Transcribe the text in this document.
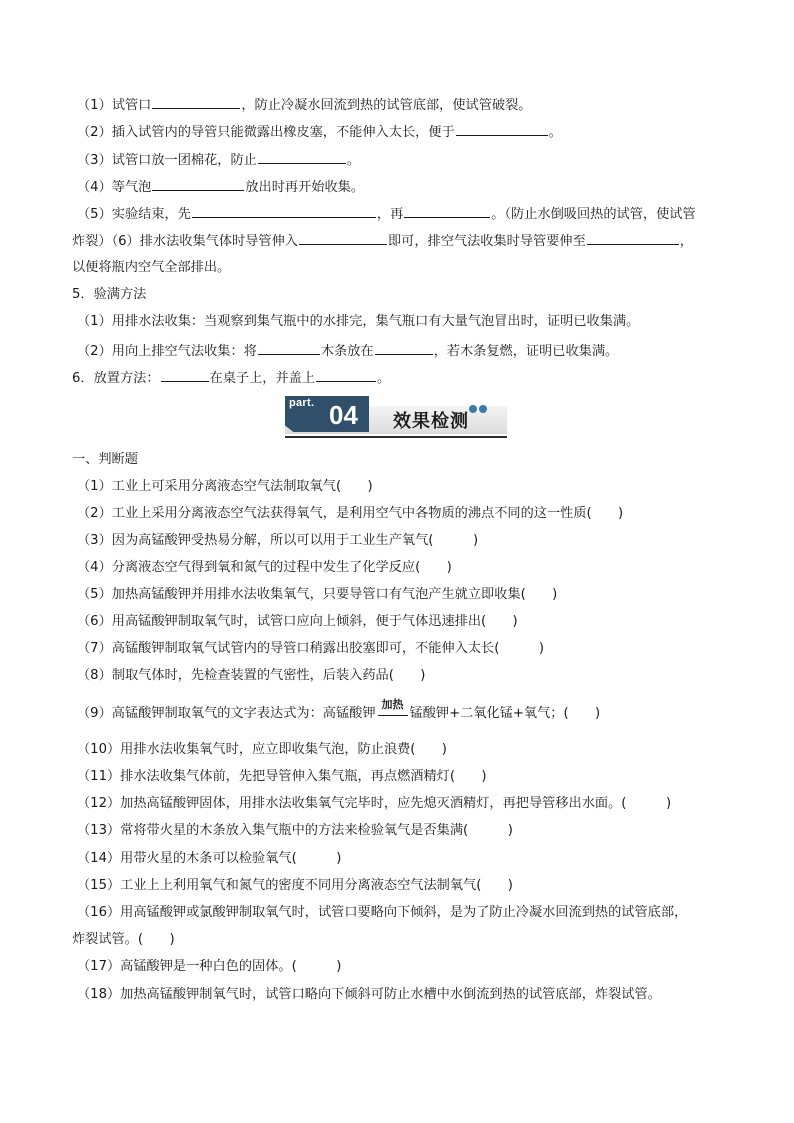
（1）试管口	，防止冷凝水回流到热的试管底部，使试管破裂。
（2）插入试管内的导管只能微露出橡皮塞，不能伸入太长，便于	。
（3）试管口放一团棉花，防止	。
（4）等气泡	放出时再开始收集。
（5）实验结束，先	，再	。（防止水倒吸回热的试管，使试管
炸裂）（6）排水法收集气体时导管伸入	即可，排空气法收集时导管要伸至	，
以便将瓶内空气全部排出。
5．验满方法
（1）用排水法收集：当观察到集气瓶中的水排完，集气瓶口有大量气泡冒出时，证明已收集满。
（2）用向上排空气法收集：将	木条放在	，若木条复燃，证明已收集满。
6．放置方法：	在桌子上，并盖上	。
part. 04 效果检测
一、判断题
（1）工业上可采用分离液态空气法制取氧气(　　)
（2）工业上采用分离液态空气法获得氧气，是利用空气中各物质的沸点不同的这一性质(　　)
（3）因为高锰酸钾受热易分解，所以可以用于工业生产氧气(　　　)
（4）分离液态空气得到氧和氮气的过程中发生了化学反应(　　)
（5）加热高锰酸钾并用排水法收集氧气，只要导管口有气泡产生就立即收集(　　)
（6）用高锰酸钾制取氧气时，试管口应向上倾斜，便于气体迅速排出(　　)
（7）高锰酸钾制取氧气试管内的导管口稍露出胶塞即可，不能伸入太长(　　　)
（8）制取气体时，先检查装置的气密性，后装入药品(　　)
（9）高锰酸钾制取氧气的文字表达式为：高锰酸钾加热
锰酸钾+二氧化锰+氧气；(　　)
（10）用排水法收集氧气时，应立即收集气泡，防止浪费(　　)
（11）排水法收集气体前，先把导管伸入集气瓶，再点燃酒精灯(　　)
（12）加热高锰酸钾固体，用排水法收集氧气完毕时，应先熄灭酒精灯，再把导管移出水面。(　　　)
（13）常将带火星的木条放入集气瓶中的方法来检验氧气是否集满(　　　)
（14）用带火星的木条可以检验氧气(　　　)
（15）工业上上利用氧气和氮气的密度不同用分离液态空气法制氧气(　　)
（16）用高锰酸钾或氯酸钾制取氧气时，试管口要略向下倾斜，是为了防止冷凝水回流到热的试管底部，
炸裂试管。(　　)
（17）高锰酸钾是一种白色的固体。(　　　)
（18）加热高锰酸钾制氧气时，试管口略向下倾斜可防止水槽中水倒流到热的试管底部，炸裂试管。
